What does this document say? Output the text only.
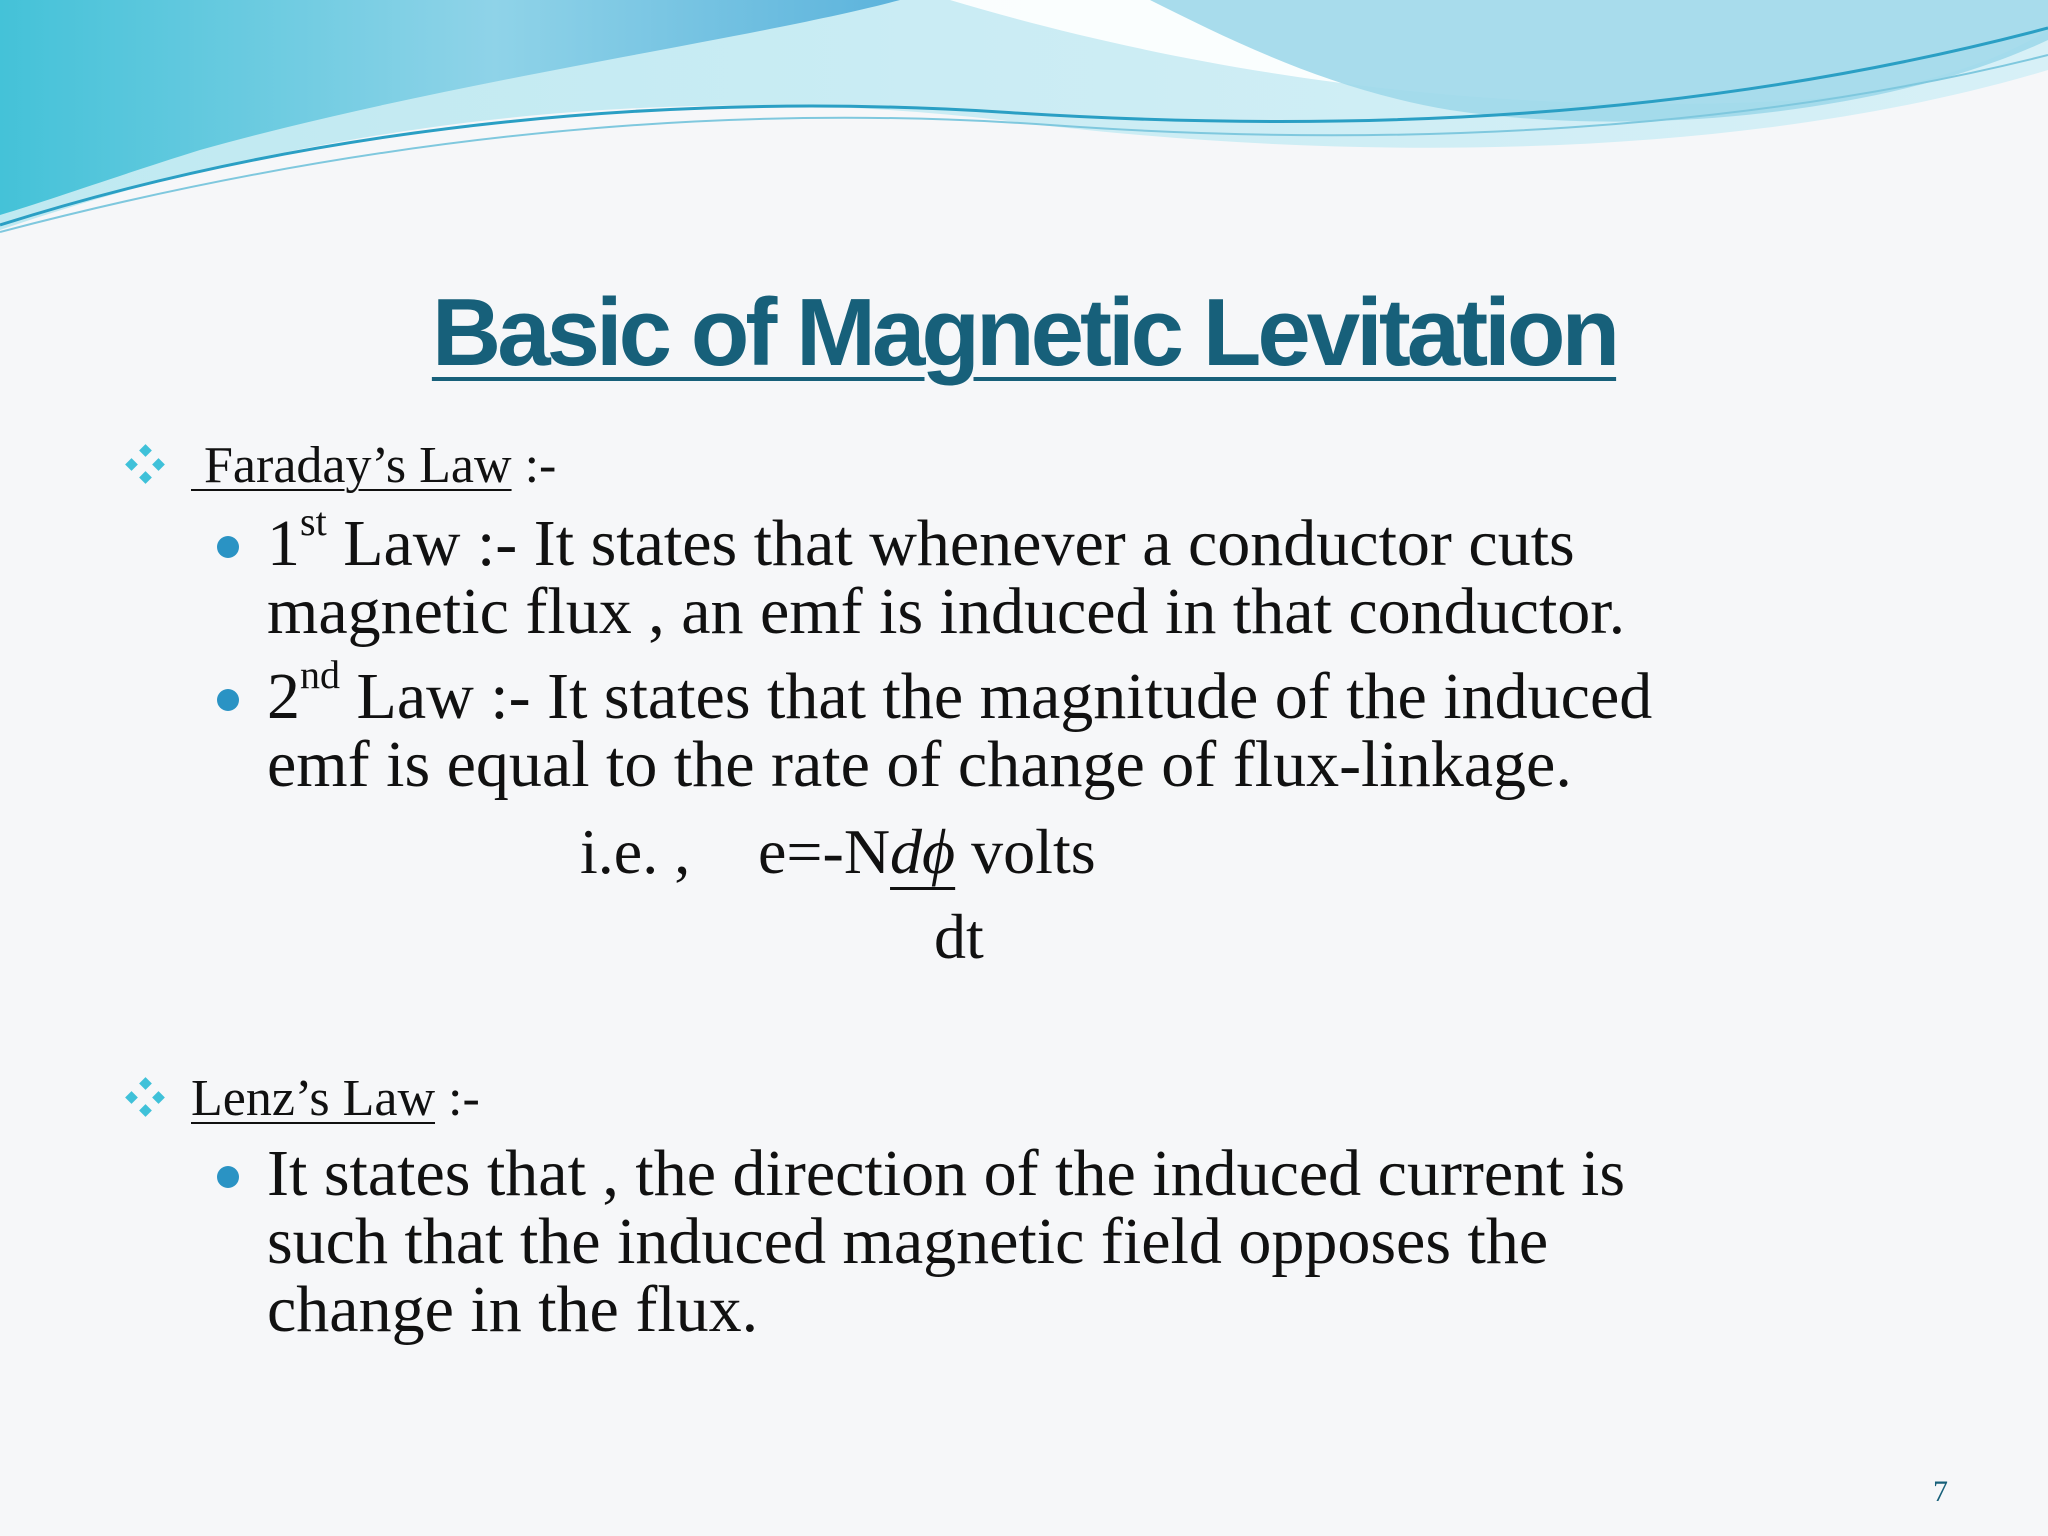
Basic of Magnetic Levitation
Faraday’s Law :-
1st Law :- It states that whenever a conductor cuts
magnetic flux , an emf is induced in that conductor.
2nd Law :- It states that the magnitude of the induced
emf is equal to the rate of change of flux-linkage.
i.e. , e=-Ndϕ volts
dt
Lenz’s Law :-
It states that , the direction of the induced current is
such that the induced magnetic field opposes the
change in the flux.
7
